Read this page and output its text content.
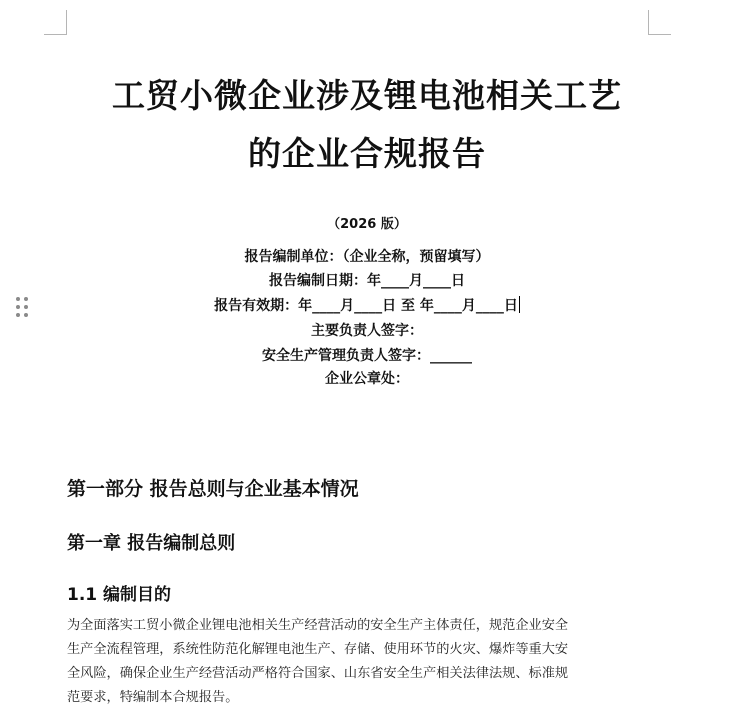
工贸小微企业涉及锂电池相关工艺
的企业合规报告
（2026 版）
报告编制单位：（企业全称，预留填写）
报告编制日期：年____月____日
报告有效期：年____月____日 至 年____月____日
主要负责人签字：
安全生产管理负责人签字：______
企业公章处：
第一部分 报告总则与企业基本情况
第一章 报告编制总则
1.1 编制目的
为全面落实工贸小微企业锂电池相关生产经营活动的安全生产主体责任，规范企业安全
生产全流程管理，系统性防范化解锂电池生产、存储、使用环节的火灾、爆炸等重大安
全风险，确保企业生产经营活动严格符合国家、山东省安全生产相关法律法规、标准规
范要求，特编制本合规报告。
